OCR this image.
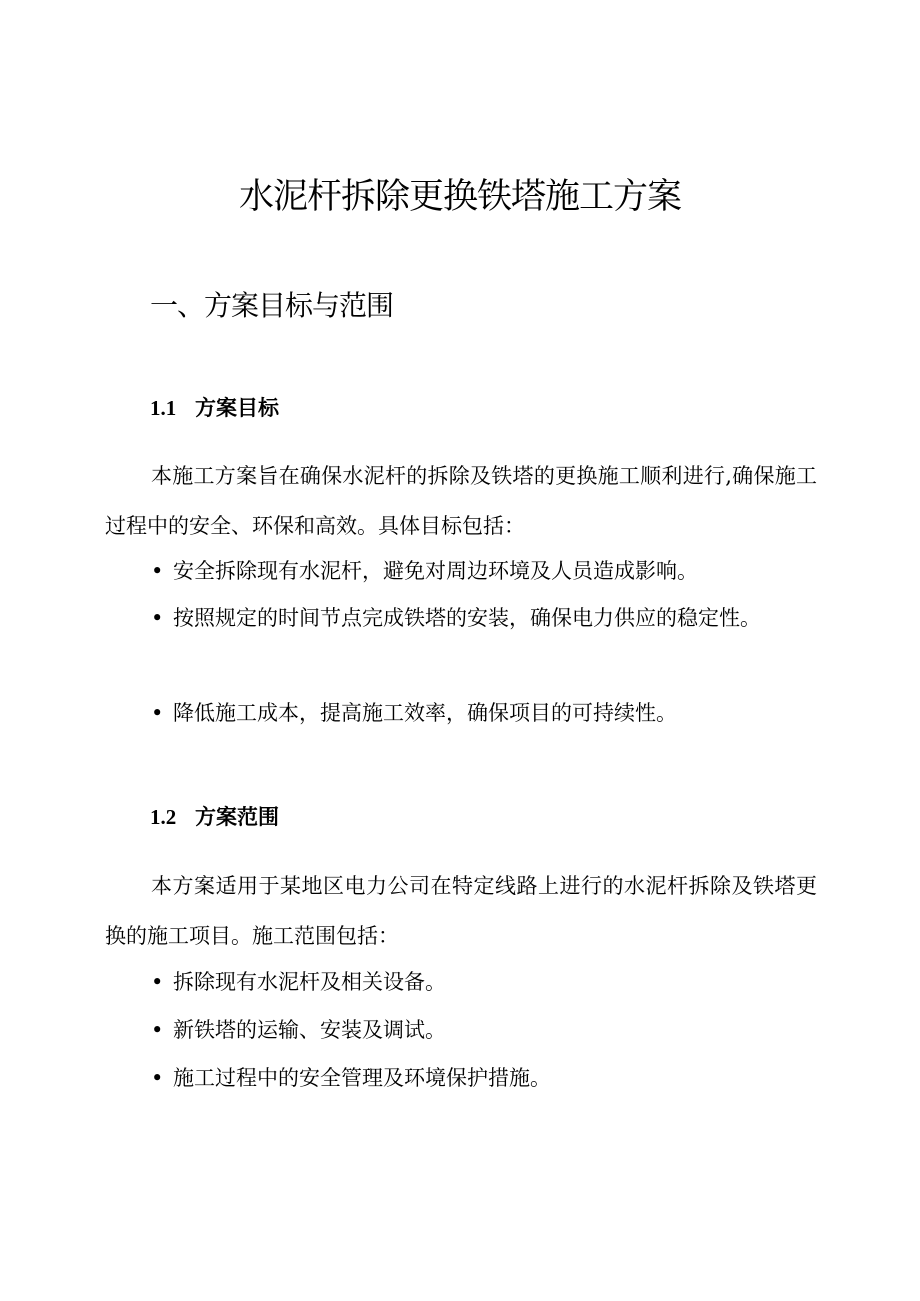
水泥杆拆除更换铁塔施工方案
一、方案目标与范围
1.1 方案目标

本施工方案旨在确保水泥杆的拆除及铁塔的更换施工顺利进行,确保施工过程中的安全、环保和高效。具体目标包括：

• 安全拆除现有水泥杆，避免对周边环境及人员造成影响。

• 按照规定的时间节点完成铁塔的安装，确保电力供应的稳定性。

• 降低施工成本，提高施工效率，确保项目的可持续性。

1.2 方案范围

本方案适用于某地区电力公司在特定线路上进行的水泥杆拆除及铁塔更换的施工项目。施工范围包括：

• 拆除现有水泥杆及相关设备。

• 新铁塔的运输、安装及调试。

• 施工过程中的安全管理及环境保护措施。
